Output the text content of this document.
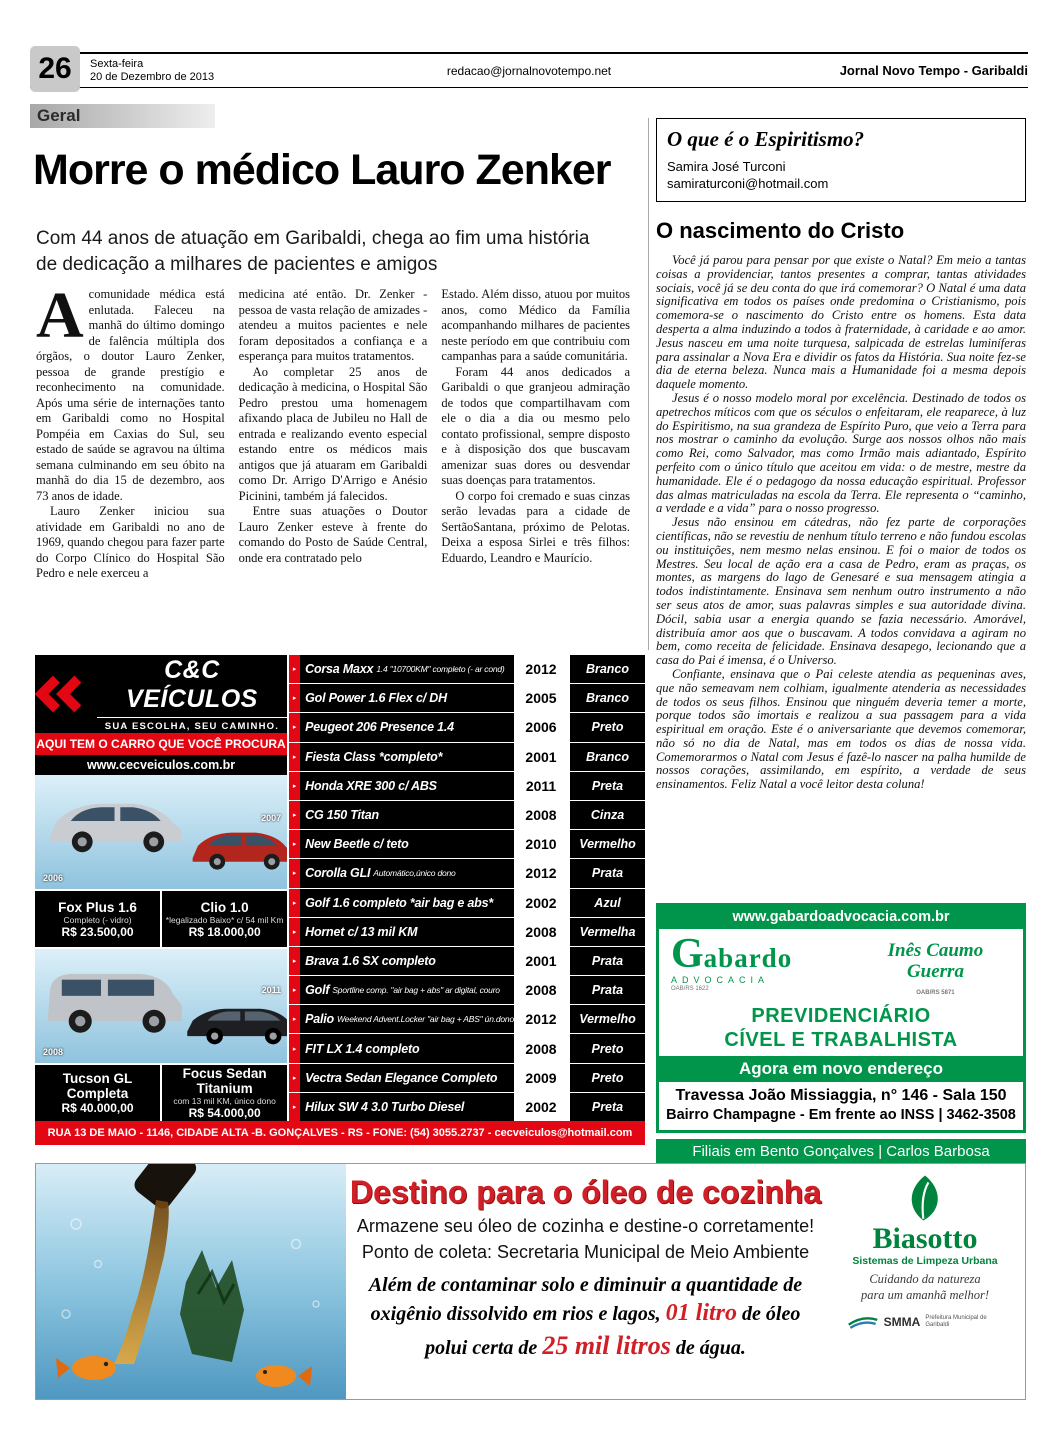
26	Sexta-feira
20 de Dezembro de 2013	redacao@jornalnovotempo.net	Jornal Novo Tempo - Garibaldi
Geral
Morre o médico Lauro Zenker

Com 44 anos de atuação em Garibaldi, chega ao fim uma história de dedicação a milhares de pacientes e amigos

Acomunidade médica está enlutada. Faleceu na manhã do último domingo de falência múltipla dos órgãos, o doutor Lauro Zenker, pessoa de grande prestígio e reconhecimento na comunidade. Após uma série de internações tanto em Garibaldi como no Hospital Pompéia em Caxias do Sul, seu estado de saúde se agravou na última semana culminando em seu óbito na manhã do dia 15 de dezembro, aos 73 anos de idade.

Lauro Zenker iniciou sua atividade em Garibaldi no ano de 1969, quando chegou para fazer parte do Corpo Clínico do Hospital São Pedro e nele exerceu a

medicina até então. Dr. Zenker - pessoa de vasta relação de amizades - atendeu a muitos pacientes e nele foram depositados a confiança e a esperança para muitos tratamentos.

Ao completar 25 anos de dedicação à medicina, o Hospital São Pedro prestou uma homenagem afixando placa de Jubileu no Hall de entrada e realizando evento especial estando entre os médicos mais antigos que já atuaram em Garibaldi como Dr. Arrigo D'Arrigo e Anésio Picinini, também já falecidos.

Entre suas atuações o Doutor Lauro Zenker esteve à frente do comando do Posto de Saúde Central, onde era contratado pelo

Estado. Além disso, atuou por muitos anos, como Médico da Família acompanhando milhares de pacientes neste período em que contribuiu com campanhas para a saúde comunitária.

Foram 44 anos dedicados a Garibaldi o que granjeou admiração de todos que compartilhavam com ele o dia a dia ou mesmo pelo contato profissional, sempre disposto e à disposição dos que buscavam amenizar suas dores ou desvendar suas doenças para tratamentos.

O corpo foi cremado e suas cinzas serão levadas para a cidade de SertãoSantana, próximo de Pelotas. Deixa a esposa Sirlei e três filhos: Eduardo, Leandro e Maurício.

O que é o Espiritismo?
Samira José Turconi
samiraturconi@hotmail.com
O nascimento do Cristo

Você já parou para pensar por que existe o Natal? Em meio a tantas coisas a providenciar, tantos presentes a comprar, tantas atividades sociais, você já se deu conta do que irá comemorar? O Natal é uma data significativa em todos os países onde predomina o Cristianismo, pois comemora-se o nascimento do Cristo entre os homens. Esta data desperta a alma induzindo a todos à fraternidade, à caridade e ao amor. Jesus nasceu em uma noite turquesa, salpicada de estrelas luminíferas para assinalar a Nova Era e dividir os fatos da História. Sua noite fez-se dia de eterna beleza. Nunca mais a Humanidade foi a mesma depois daquele momento.

Jesus é o nosso modelo moral por excelência. Destinado de todos os apetrechos míticos com que os séculos o enfeitaram, ele reaparece, à luz do Espiritismo, na sua grandeza de Espírito Puro, que veio a Terra para nos mostrar o caminho da evolução. Surge aos nossos olhos não mais como Rei, como Salvador, mas como Irmão mais adiantado, Espírito perfeito com o único título que aceitou em vida: o de mestre, mestre da humanidade. Ele é o pedagogo da nossa educação espiritual. Professor das almas matriculadas na escola da Terra. Ele representa o “caminho, a verdade e a vida” para o nosso progresso.

Jesus não ensinou em cátedras, não fez parte de corporações científicas, não se revestiu de nenhum título terreno e não fundou escolas ou instituições, nem mesmo nelas ensinou. E foi o maior de todos os Mestres. Seu local de ação era a casa de Pedro, eram as praças, os montes, as margens do lago de Genesaré e sua mensagem atingia a todos indistintamente. Ensinava sem nenhum outro instrumento a não ser seus atos de amor, suas palavras simples e sua autoridade divina. Dócil, sabia usar a energia quando se fazia necessário. Amorável, distribuía amor aos que o buscavam. A todos convidava a agiram no bem, como receita de felicidade. Ensinava desapego, lecionando que a casa do Pai é imensa, é o Universo.

Confiante, ensinava que o Pai celeste atendia as pequeninas aves, que não semeavam nem colhiam, igualmente atenderia as necessidades de todos os seus filhos. Ensinou que ninguém deveria temer a morte, porque todos são imortais e realizou a sua passagem para a vida espiritual em oração. Este é o aniversariante que devemos comemorar, não só no dia de Natal, mas em todos os dias de nossa vida. Comemorarmos o Natal com Jesus é fazê-lo nascer na palha humilde de nossos corações, assimilando, em espírito, a verdade de seus ensinamentos. Feliz Natal a você leitor desta coluna!

C&C VEÍCULOS
SUA ESCOLHA, SEU CAMINHO.
AQUI TEM O CARRO QUE VOCÊ PROCURA
www.cecveiculos.com.br
2006
2007
Fox Plus 1.6
Completo (- vidro)
R$ 23.500,00
Clio 1.0
*legalizado Baixo* c/ 54 mil Km
R$ 18.000,00
2008
2011
Tucson GL Completa
R$ 40.000,00
Focus Sedan Titanium
com 13 mil KM, único dono
R$ 54.000,00
▸ Corsa Maxx 1.4 "10700KM" completo (- ar cond)	2012	Branco
▸ Gol Power 1.6 Flex c/ DH	2005	Branco
▸ Peugeot 206 Presence 1.4	2006	Preto
▸ Fiesta Class *completo*	2001	Branco
▸ Honda XRE 300 c/ ABS	2011	Preta
▸ CG 150 Titan	2008	Cinza
▸ New Beetle c/ teto	2010	Vermelho
▸ Corolla GLI Automático,único dono	2012	Prata
▸ Golf 1.6 completo *air bag e abs*	2002	Azul
▸ Hornet c/ 13 mil KM	2008	Vermelha
▸ Brava 1.6 SX completo	2001	Prata
▸ Golf Sportline comp. "air bag + abs" ar digital, couro	2008	Prata
▸ Palio Weekend Advent.Locker "air bag + ABS" ún.dono 2012	Vermelho
▸ FIT LX 1.4 completo	2008	Preto
▸ Vectra Sedan Elegance Completo	2009	Preto
▸ Hilux SW 4 3.0 Turbo Diesel	2002	Preta
RUA 13 DE MAIO - 1146, CIDADE ALTA -B. GONÇALVES - RS - FONE: (54) 3055.2737 - cecveiculos@hotmail.com
www.gabardoadvocacia.com.br
Gabardo
ADVOCACIA
OAB/RS 1622
Inês Caumo
Guerra
OAB/RS 5871
PREVIDENCIÁRIO
CÍVEL E TRABALHISTA
Agora em novo endereço
Travessa João Missiaggia, n° 146 - Sala 150
Bairro Champagne - Em frente ao INSS | 3462-3508
Filiais em Bento Gonçalves | Carlos Barbosa
Destino para o óleo de cozinha
Armazene seu óleo de cozinha e destine-o corretamente!
Ponto de coleta: Secretaria Municipal de Meio Ambiente
Além de contaminar solo e diminuir a quantidade de oxigênio dissolvido em rios e lagos, 01 litro de óleo polui certa de 25 mil litros de água.
Biasotto
Sistemas de Limpeza Urbana
Cuidando da natureza
para um amanhã melhor!
SMMA Prefeitura Municipal de Garibaldi
